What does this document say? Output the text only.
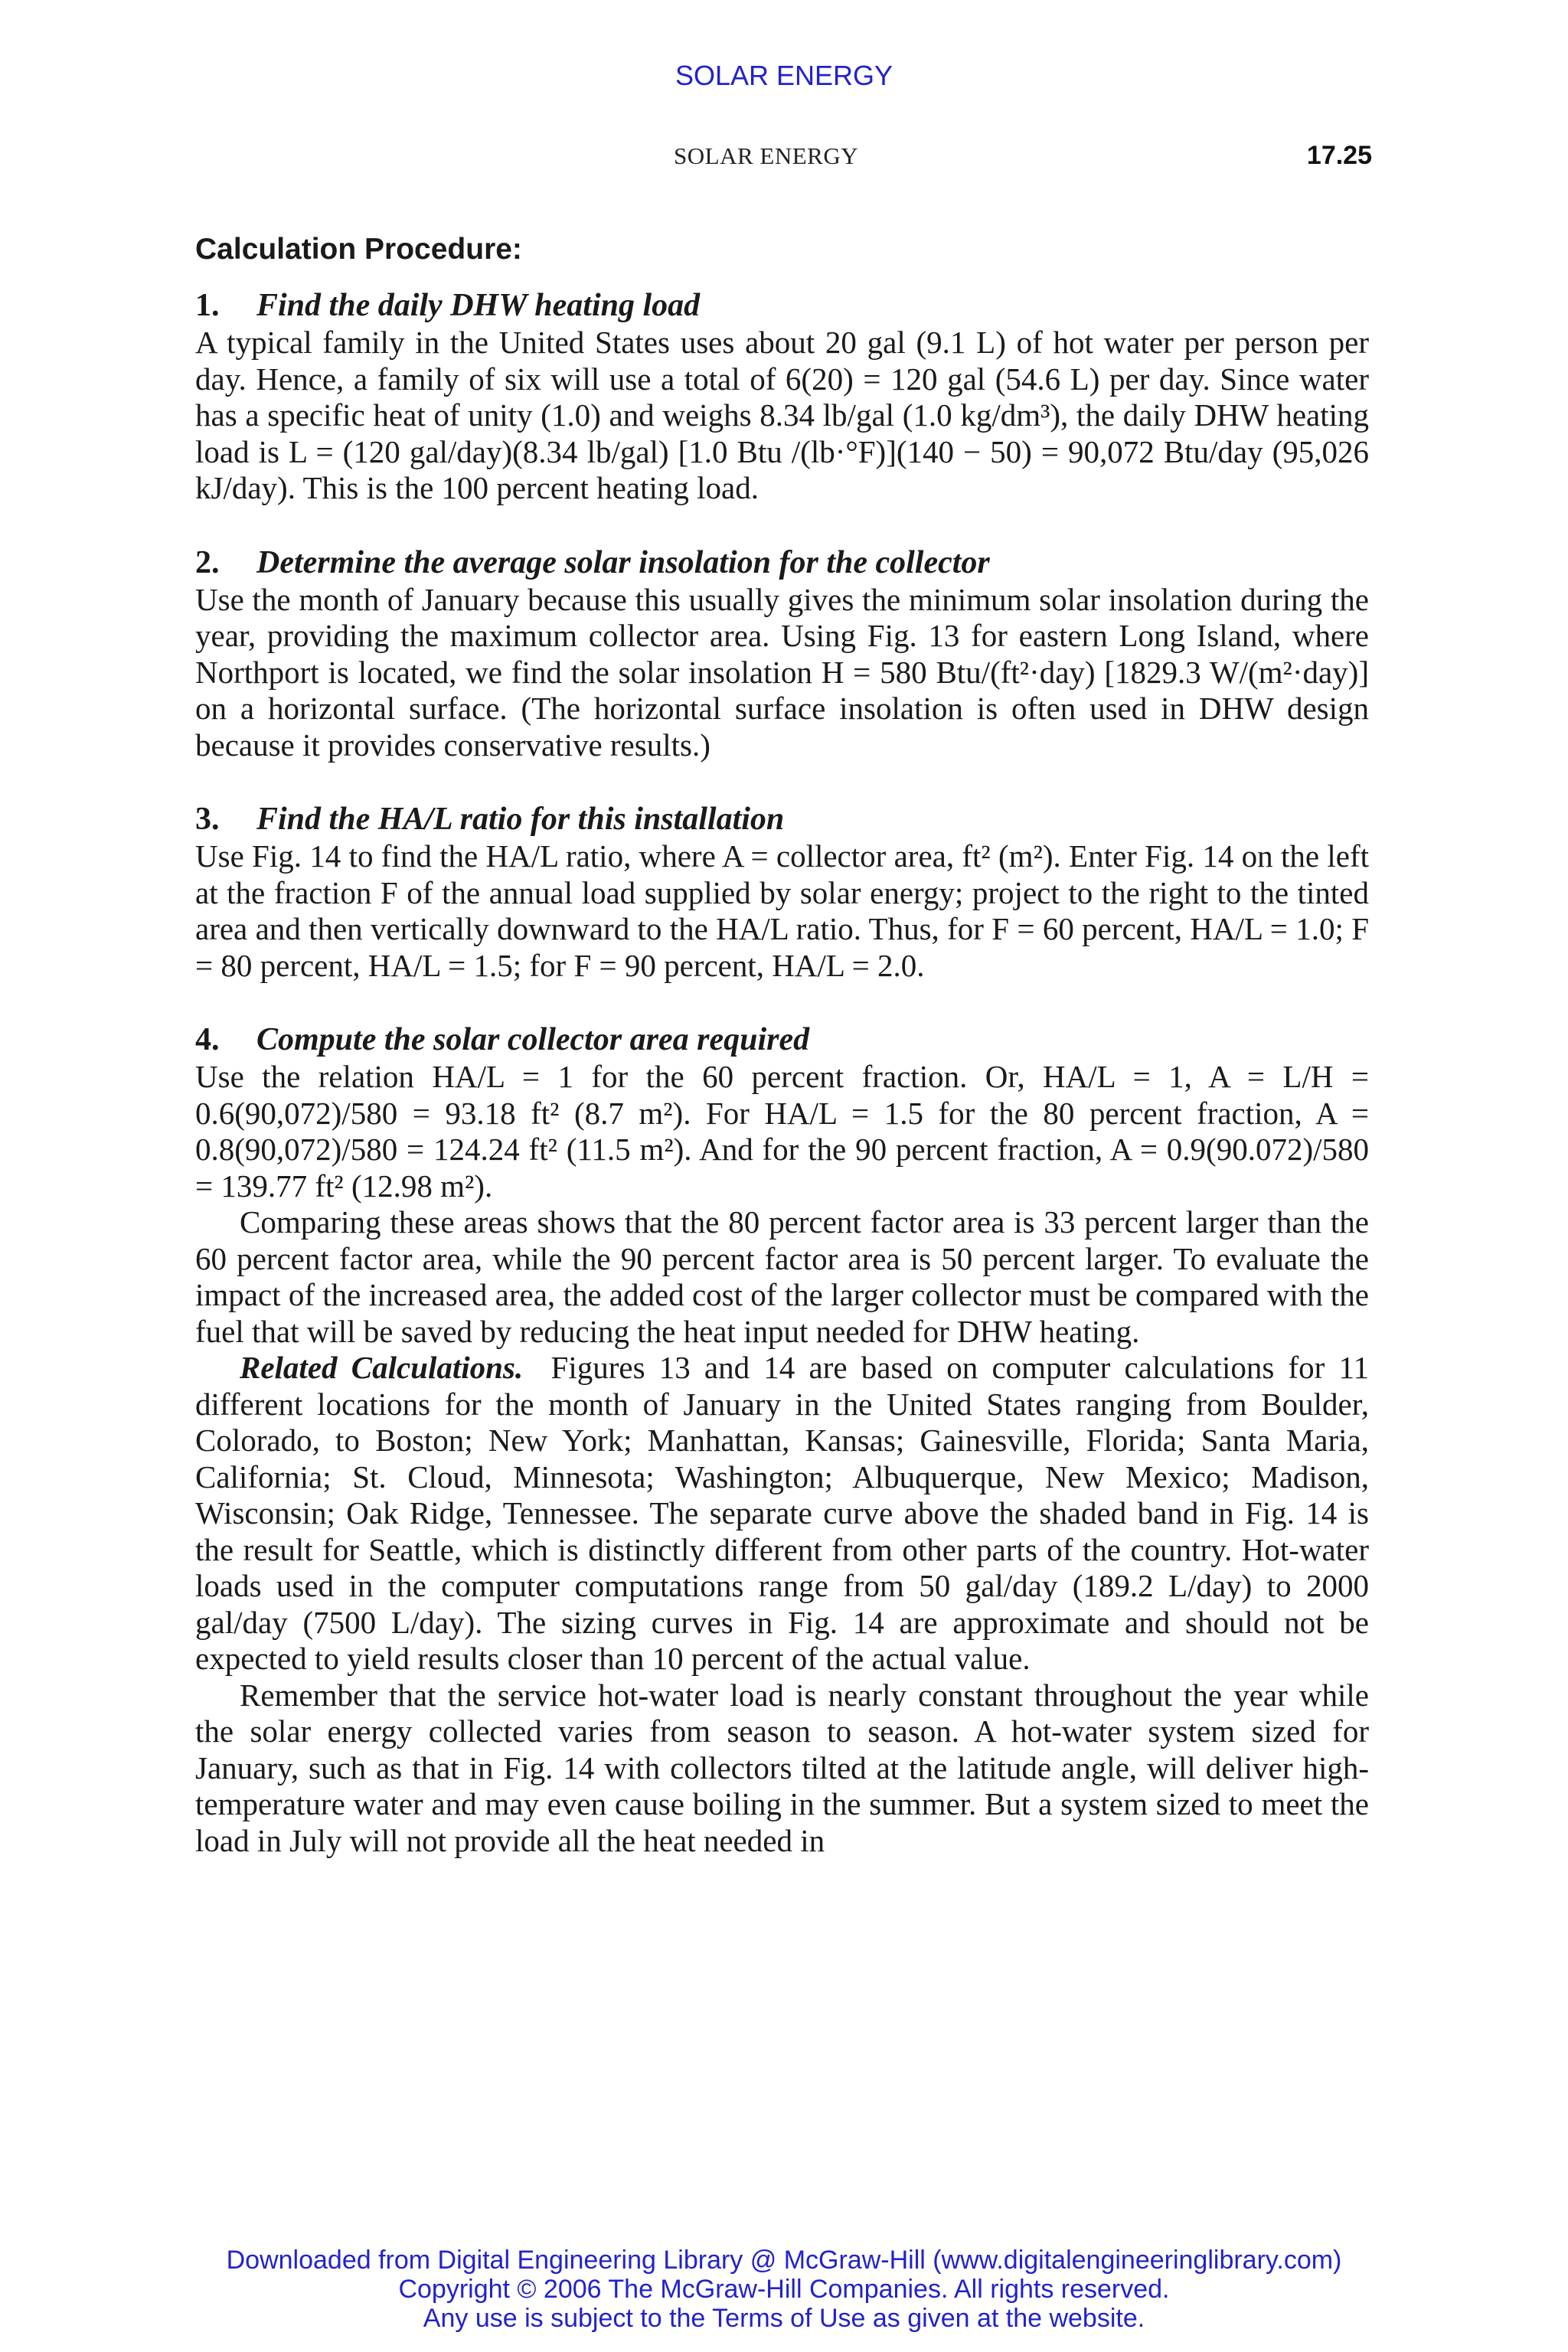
SOLAR ENERGY
SOLAR ENERGY	17.25
Calculation Procedure:
1. Find the daily DHW heating load

A typical family in the United States uses about 20 gal (9.1 L) of hot water per person per day. Hence, a family of six will use a total of 6(20) = 120 gal (54.6 L) per day. Since water has a specific heat of unity (1.0) and weighs 8.34 lb/gal (1.0 kg/dm³), the daily DHW heating load is L = (120 gal/day)(8.34 lb/gal) [1.0 Btu /(lb·°F)](140 − 50) = 90,072 Btu/day (95,026 kJ/day). This is the 100 percent heating load.

2. Determine the average solar insolation for the collector

Use the month of January because this usually gives the minimum solar insolation during the year, providing the maximum collector area. Using Fig. 13 for eastern Long Island, where Northport is located, we find the solar insolation H = 580 Btu/(ft²·day) [1829.3 W/(m²·day)] on a horizontal surface. (The horizontal surface insolation is often used in DHW design because it provides conservative results.)

3. Find the HA/L ratio for this installation

Use Fig. 14 to find the HA/L ratio, where A = collector area, ft² (m²). Enter Fig. 14 on the left at the fraction F of the annual load supplied by solar energy; project to the right to the tinted area and then vertically downward to the HA/L ratio. Thus, for F = 60 percent, HA/L = 1.0; F = 80 percent, HA/L = 1.5; for F = 90 percent, HA/L = 2.0.

4. Compute the solar collector area required

Use the relation HA/L = 1 for the 60 percent fraction. Or, HA/L = 1, A = L/H = 0.6(90,072)/580 = 93.18 ft² (8.7 m²). For HA/L = 1.5 for the 80 percent fraction, A = 0.8(90,072)/580 = 124.24 ft² (11.5 m²). And for the 90 percent fraction, A = 0.9(90.072)/580 = 139.77 ft² (12.98 m²).

Comparing these areas shows that the 80 percent factor area is 33 percent larger than the 60 percent factor area, while the 90 percent factor area is 50 percent larger. To evaluate the impact of the increased area, the added cost of the larger collector must be compared with the fuel that will be saved by reducing the heat input needed for DHW heating.

Related Calculations. Figures 13 and 14 are based on computer calculations for 11 different locations for the month of January in the United States ranging from Boulder, Colorado, to Boston; New York; Manhattan, Kansas; Gainesville, Florida; Santa Maria, California; St. Cloud, Minnesota; Washington; Albuquerque, New Mexico; Madison, Wisconsin; Oak Ridge, Tennessee. The separate curve above the shaded band in Fig. 14 is the result for Seattle, which is distinctly different from other parts of the country. Hot-water loads used in the computer computations range from 50 gal/day (189.2 L/day) to 2000 gal/day (7500 L/day). The sizing curves in Fig. 14 are approximate and should not be expected to yield results closer than 10 percent of the actual value.

Remember that the service hot-water load is nearly constant throughout the year while the solar energy collected varies from season to season. A hot-water system sized for January, such as that in Fig. 14 with collectors tilted at the latitude angle, will deliver high-temperature water and may even cause boiling in the summer. But a system sized to meet the load in July will not provide all the heat needed in

Downloaded from Digital Engineering Library @ McGraw-Hill (www.digitalengineeringlibrary.com)
Copyright © 2006 The McGraw-Hill Companies. All rights reserved.
Any use is subject to the Terms of Use as given at the website.
